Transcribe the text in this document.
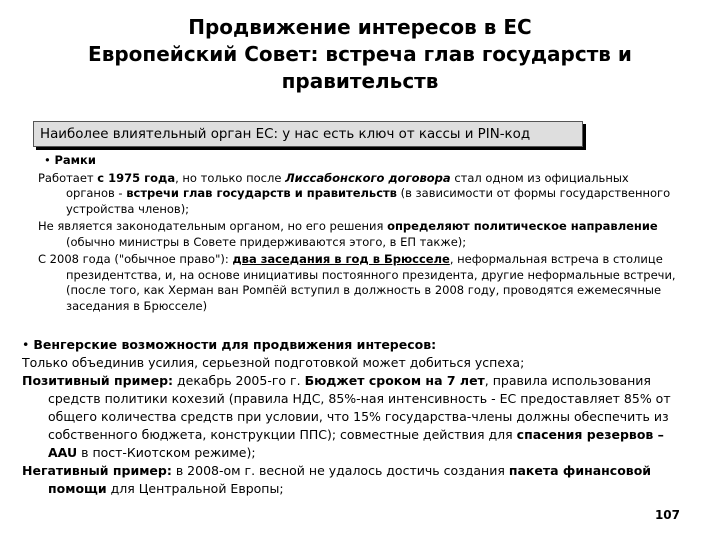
Продвижение интересов в ЕС
Европейский Совет: встреча глав государств и
правительств
Наиболее влиятельный орган ЕС: у нас есть ключ от кассы и PIN-код
• Рамки
Работает с 1975 года, но только после Лиссабонского договора стал одном из официальных органов - встречи глав государств и правительств (в зависимости от формы государственного устройства членов);
Не является законодательным органом, но его решения определяют политическое направление (обычно министры в Совете придерживаются этого, в ЕП также);
С 2008 года ("обычное право"): два заседания в год в Брюсселе, неформальная встреча в столице президентства, и, на основе инициативы постоянного президента, другие неформальные встречи, (после того, как Херман ван Ромпёй вступил в должность в 2008 году, проводятся ежемесячные заседания в Брюсселе)
• Венгерские возможности для продвижения интересов:
Только объединив усилия, серьезной подготовкой может добиться успеха;
Позитивный пример: декабрь 2005-го г. Бюджет сроком на 7 лет, правила использования средств политики кохезий (правила НДС, 85%-ная интенсивность - ЕС предоставляет 85% от общего количества средств при условии, что 15% государства-члены должны обеспечить из собственного бюджета, конструкции ППС); совместные действия для спасения резервов – AAU в пост-Киотском режиме);
Негативный пример: в 2008-ом г. весной не удалось достичь создания пакета финансовой помощи для Центральной Европы;
107
